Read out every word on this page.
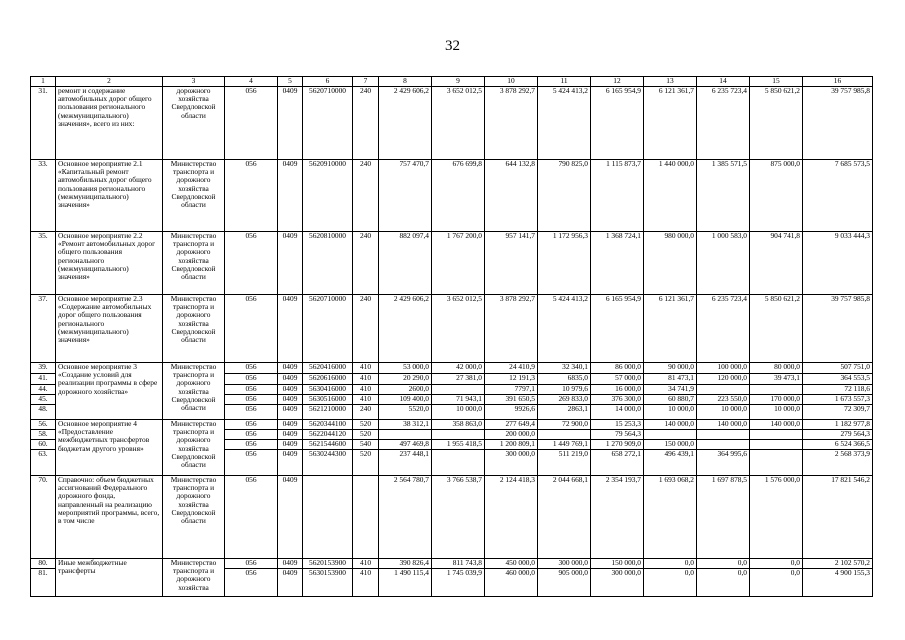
32
1	2	3	4	5	6	7	8	9	10	11	12	13	14	15	16
31.	ремонт и содержание автомобильных дорог общего пользования регионального (межмуниципального) значения», всего из них:	дорожного хозяйства Свердловской области	056	0409	5620710000	240	2 429 606,2	3 652 012,5	3 878 292,7	5 424 413,2	6 165 954,9	6 121 361,7	6 235 723,4	5 850 621,2	39 757 985,8
33.	Основное мероприятие 2.1 «Капитальный ремонт автомобильных дорог общего пользования регионального (межмуниципального) значения»	Министерство транспорта и дорожного хозяйства Свердловской области	056	0409	5620910000	240	757 470,7	676 699,8	644 132,8	790 825,0	1 115 873,7	1 440 000,0	1 385 571,5	875 000,0	7 685 573,5
35.	Основное мероприятие 2.2 «Ремонт автомобильных дорог общего пользования регионального (межмуниципального) значения»	Министерство транспорта и дорожного хозяйства Свердловской области	056	0409	5620810000	240	882 097,4	1 767 200,0	957 141,7	1 172 956,3	1 368 724,1	980 000,0	1 000 583,0	904 741,8	9 033 444,3
37.	Основное мероприятие 2.3 «Содержание автомобильных дорог общего пользования регионального (межмуниципального) значения»	Министерство транспорта и дорожного хозяйства Свердловской области	056	0409	5620710000	240	2 429 606,2	3 652 012,5	3 878 292,7	5 424 413,2	6 165 954,9	6 121 361,7	6 235 723,4	5 850 621,2	39 757 985,8
39.	Основное мероприятие 3 «Создание условий для реализации программы в сфере дорожного хозяйства»	Министерство транспорта и дорожного хозяйства Свердловской области	056	0409	5620416000	410	53 000,0	42 000,0	24 410,9	32 340,1	86 000,0	90 000,0	100 000,0	80 000,0	507 751,0
41.			056	0409	5620616000	410	20 290,0	27 381,0	12 191,3	6835,0	57 000,0	81 473,1	120 000,0	39 473,1	364 553,5
44.			056	0409	5630416000	410	2600,0		7797,1	10 979,6	16 000,0	34 741,9			72 118,6
45.			056	0409	5630516000	410	109 400,0	71 943,1	391 650,5	269 833,0	376 300,0	60 880,7	223 550,0	170 000,0	1 673 557,3
48.			056	0409	5621210000	240	5520,0	10 000,0	9926,6	2863,1	14 000,0	10 000,0	10 000,0	10 000,0	72 309,7
56.	Основное мероприятие 4 «Предоставление межбюджетных трансфертов бюджетам другого уровня»	Министерство транспорта и дорожного хозяйства Свердловской области	056	0409	5620344100	520	38 312,1	358 863,0	277 649,4	72 900,0	15 253,3	140 000,0	140 000,0	140 000,0	1 182 977,8
58.			056	0409	5622044120	520			200 000,0		79 564,3				279 564,3
60.			056	0409	5621544600	540	497 469,8	1 955 418,5	1 200 809,1	1 449 769,1	1 270 909,0	150 000,0			6 524 366,5
63.			056	0409	5630244300	520	237 448,1		300 000,0	511 219,0	658 272,1	496 439,1	364 995,6		2 568 373,9
70.	Справочно: объем бюджетных ассигнований Федерального дорожного фонда, направленный на реализацию мероприятий программы, всего, в том числе	Министерство транспорта и дорожного хозяйства Свердловской области	056	0409			2 564 780,7	3 766 538,7	2 124 418,3	2 044 668,1	2 354 193,7	1 693 068,2	1 697 878,5	1 576 000,0	17 821 546,2
80.	Иные межбюджетные трансферты	Министерство транспорта и дорожного хозяйства	056	0409	5620153900	410	390 826,4	811 743,8	450 000,0	300 000,0	150 000,0	0,0	0,0	0,0	2 102 570,2
81.			056	0409	5630153900	410	1 490 115,4	1 745 039,9	460 000,0	905 000,0	300 000,0	0,0	0,0	0,0	4 900 155,3
